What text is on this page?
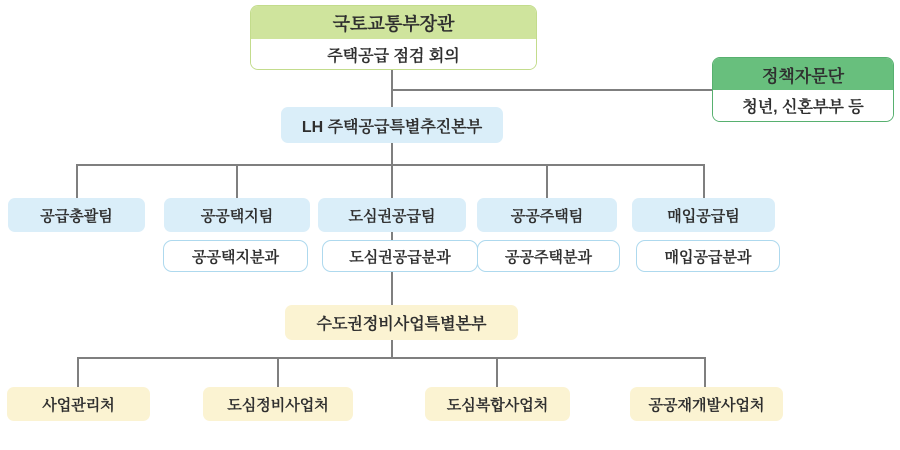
국토교통부장관
주택공급 점검 회의
정책자문단
청년, 신혼부부 등
LH 주택공급특별추진본부
공급총괄팀	공공택지팀	도심권공급팀	공공주택팀	매입공급팀
공공택지분과	도심권공급분과	공공주택분과	매입공급분과
수도권정비사업특별본부
사업관리처	도심정비사업처	도심복합사업처	공공재개발사업처
